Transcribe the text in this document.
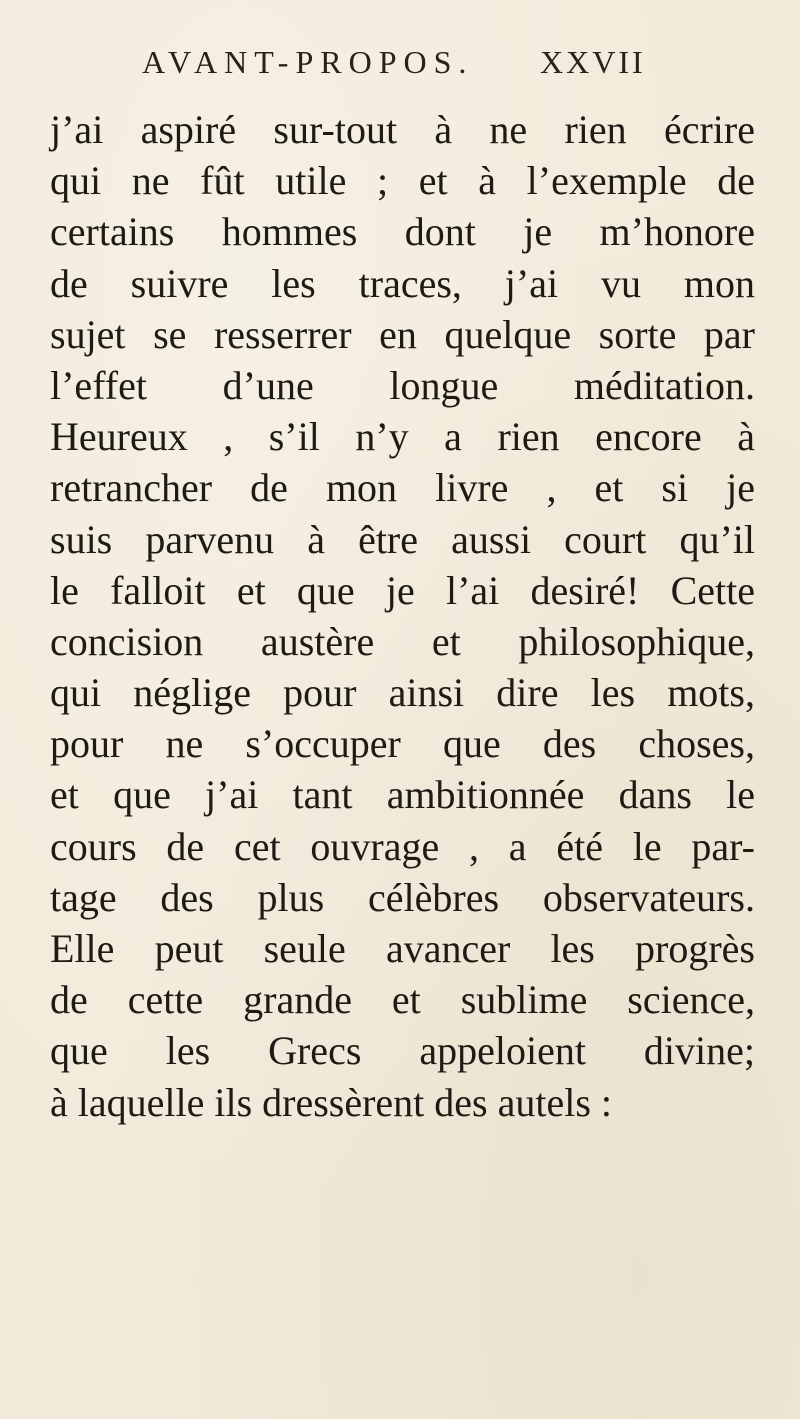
AVANT-PROPOS. XXVII
j’ai aspiré sur-tout à ne rien écrire
qui ne fût utile ; et à l’exemple de
certains hommes dont je m’honore
de suivre les traces, j’ai vu mon
sujet se resserrer en quelque sorte par
l’effet d’une longue méditation.
Heureux , s’il n’y a rien encore à
retrancher de mon livre , et si je
suis parvenu à être aussi court qu’il
le falloit et que je l’ai desiré! Cette
concision austère et philosophique,
qui néglige pour ainsi dire les mots,
pour ne s’occuper que des choses,
et que j’ai tant ambitionnée dans le
cours de cet ouvrage , a été le par-
tage des plus célèbres observateurs.
Elle peut seule avancer les progrès
de cette grande et sublime science,
que les Grecs appeloient divine;
à laquelle ils dressèrent des autels :
